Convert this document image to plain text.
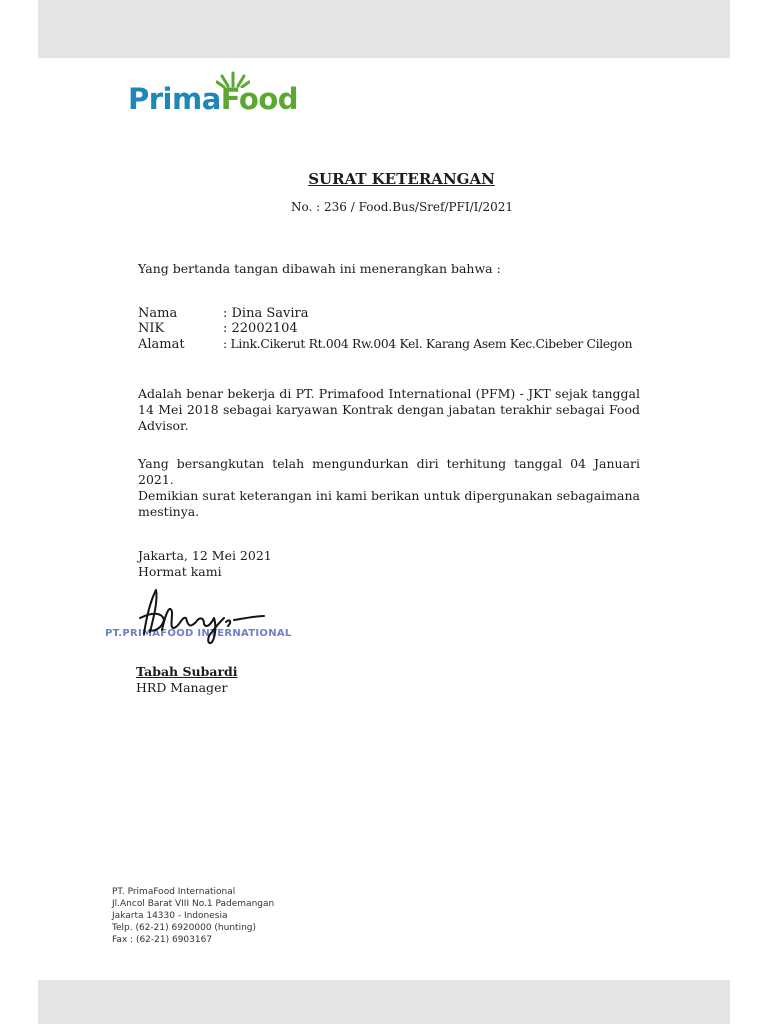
PrimaFood
SURAT KETERANGAN
No. : 236 / Food.Bus/Sref/PFI/I/2021
Yang bertanda tangan dibawah ini menerangkan bahwa :
Nama	: Dina Savira
NIK	: 22002104
Alamat	: Link.Cikerut Rt.004 Rw.004 Kel. Karang Asem Kec.Cibeber Cilegon
Adalah benar bekerja di PT. Primafood International (PFM) - JKT sejak tanggal 14 Mei 2018 sebagai karyawan Kontrak dengan jabatan terakhir sebagai Food Advisor.
Yang bersangkutan telah mengundurkan diri terhitung tanggal 04 Januari 2021.
Demikian surat keterangan ini kami berikan untuk dipergunakan sebagaimana mestinya.
Jakarta, 12 Mei 2021
Hormat kami
PT.PRIMAFOOD INTERNATIONAL
Tabah Subardi
HRD Manager
PT. PrimaFood International
Jl.Ancol Barat VIII No.1 Pademangan
Jakarta 14330 - Indonesia
Telp. (62-21) 6920000 (hunting)
Fax : (62-21) 6903167
